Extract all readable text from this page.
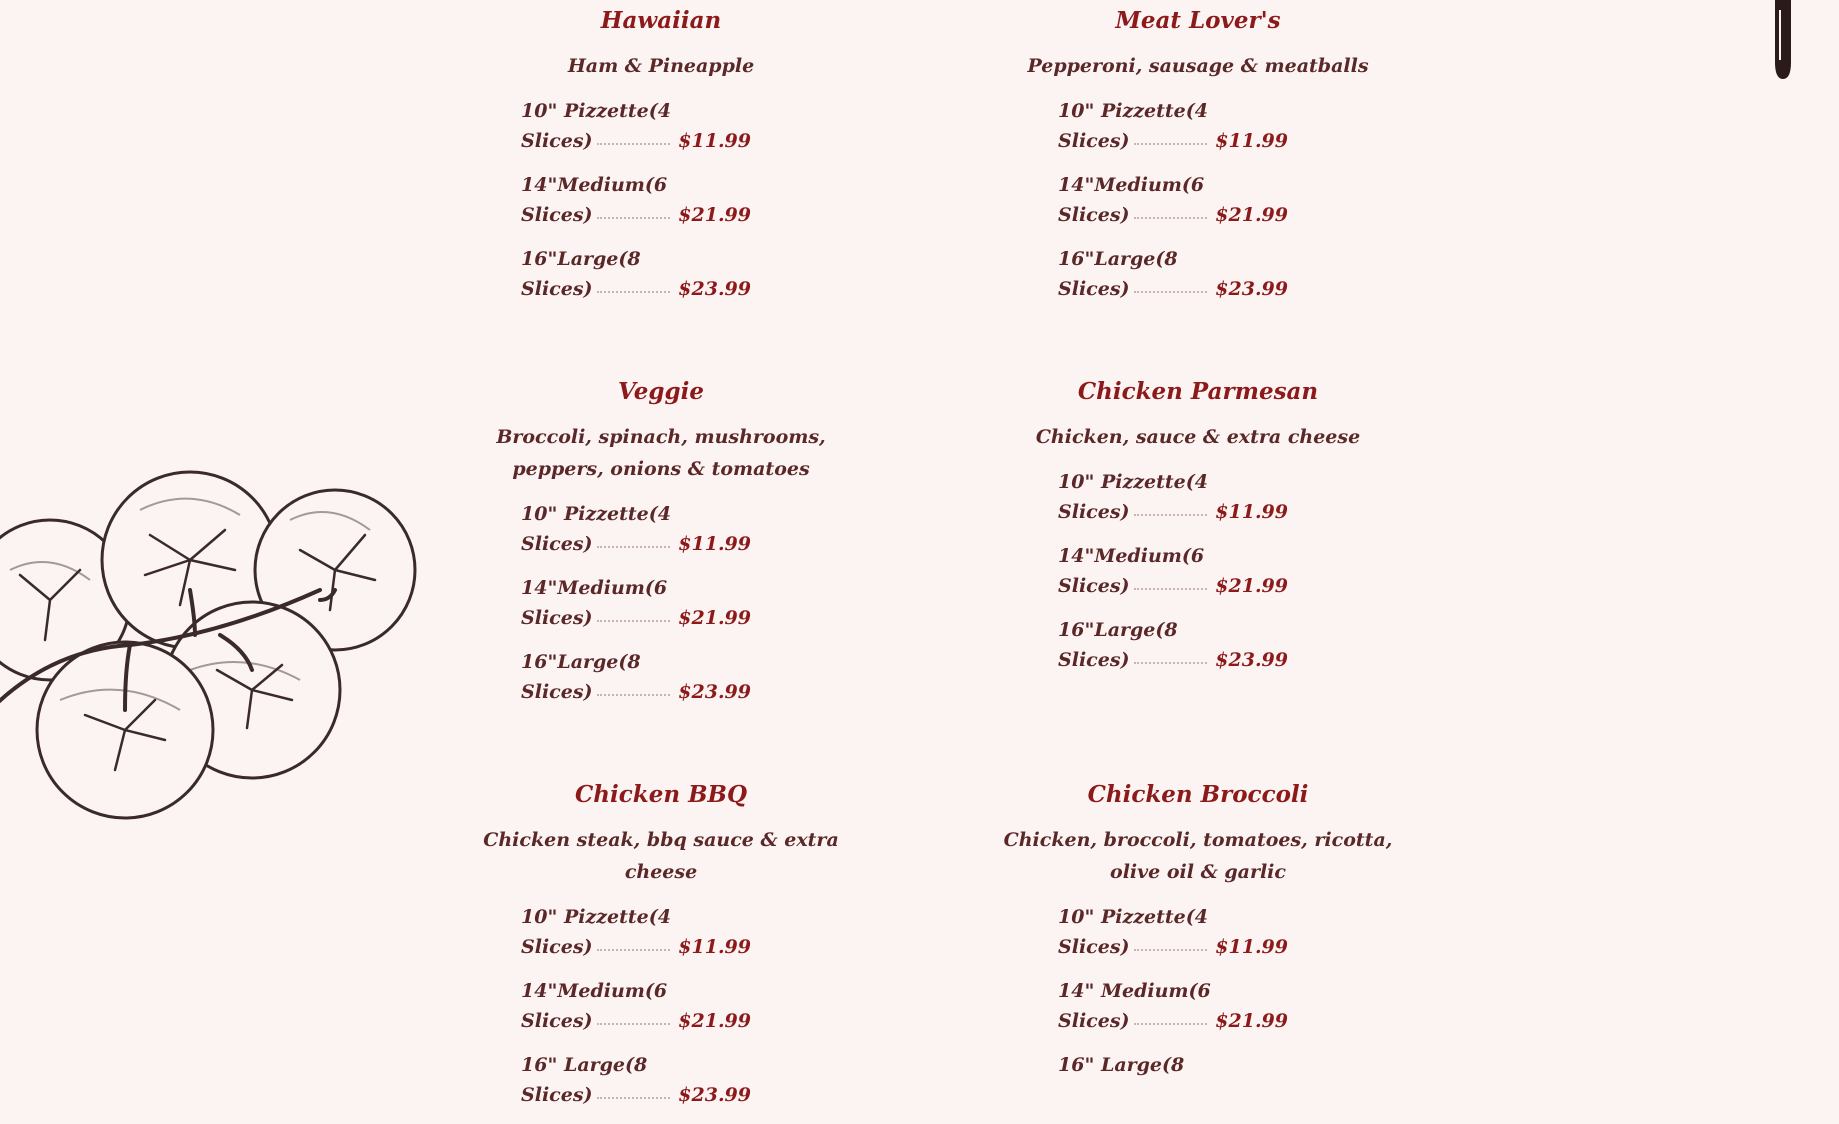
Hawaiian

Ham & Pineapple

10" Pizzette(4
Slices)	$11.99
14"Medium(6
Slices)	$21.99
16"Large(8
Slices)	$23.99

Meat Lover's

Pepperoni, sausage & meatballs

10" Pizzette(4
Slices)	$11.99
14"Medium(6
Slices)	$21.99
16"Large(8
Slices)	$23.99

Veggie

Broccoli, spinach, mushrooms, peppers, onions & tomatoes

10" Pizzette(4
Slices)	$11.99
14"Medium(6
Slices)	$21.99
16"Large(8
Slices)	$23.99

Chicken Parmesan

Chicken, sauce & extra cheese

10" Pizzette(4
Slices)	$11.99
14"Medium(6
Slices)	$21.99
16"Large(8
Slices)	$23.99

Chicken BBQ

Chicken steak, bbq sauce & extra cheese

10" Pizzette(4
Slices)	$11.99
14"Medium(6
Slices)	$21.99
16" Large(8
Slices)	$23.99

Chicken Broccoli

Chicken, broccoli, tomatoes, ricotta, olive oil & garlic

10" Pizzette(4
Slices)	$11.99
14" Medium(6
Slices)	$21.99
16" Large(8
